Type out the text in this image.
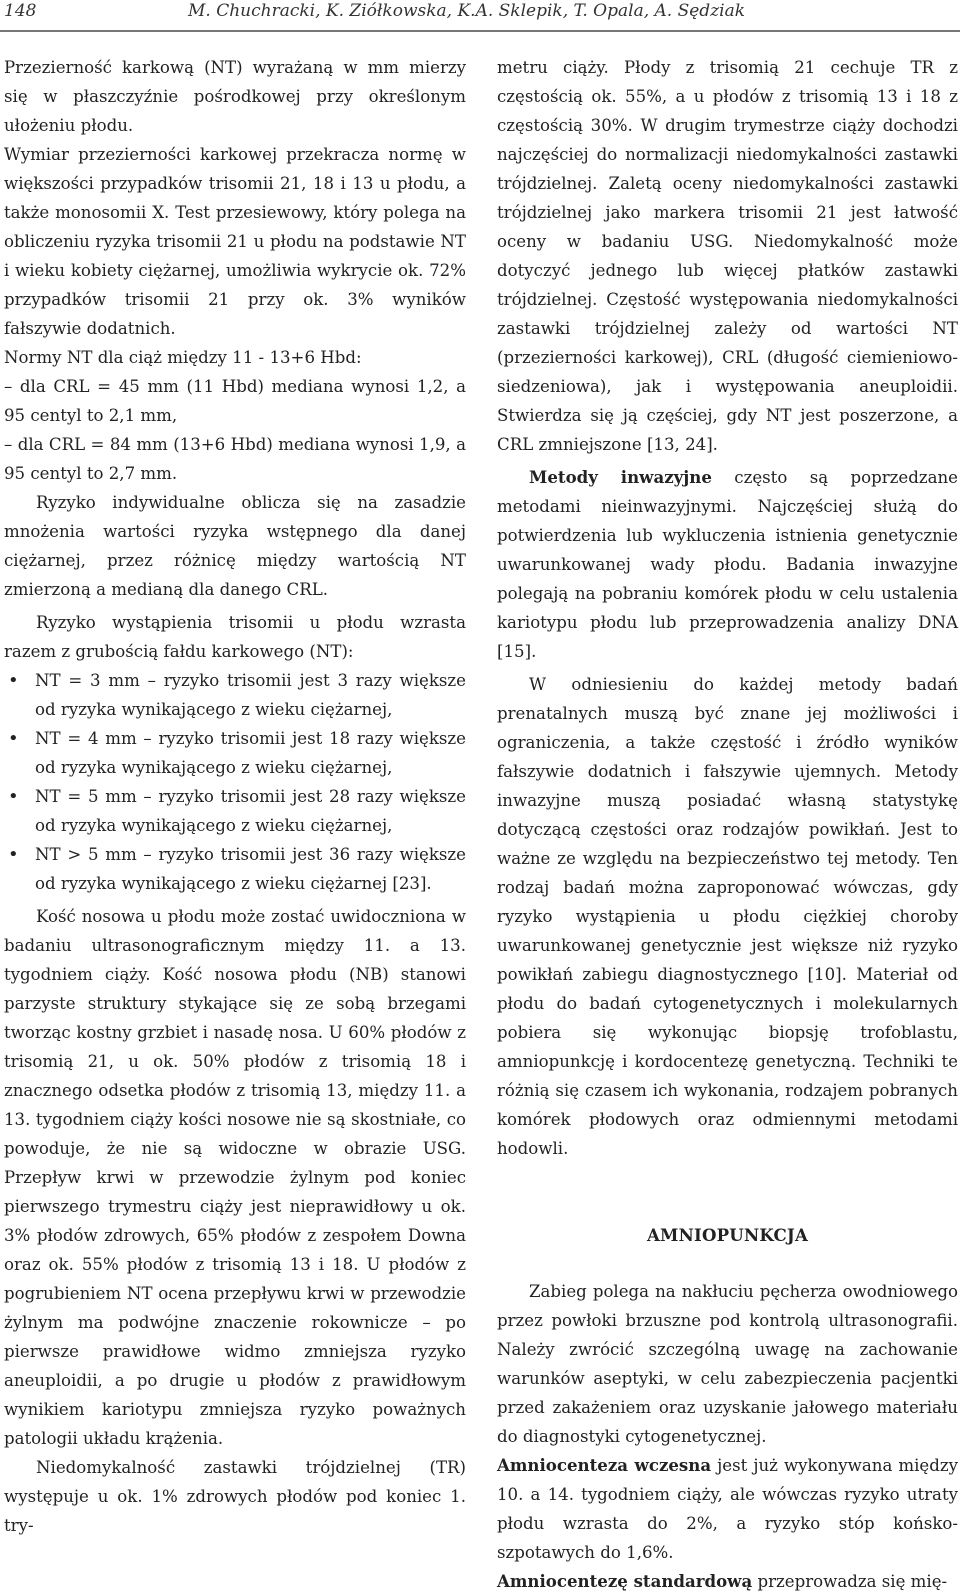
148	M. Chuchracki, K. Ziółkowska, K.A. Sklepik, T. Opala, A. Sędziak

Przezierność karkową (NT) wyrażaną w mm mierzy się w płaszczyźnie pośrodkowej przy określonym ułożeniu płodu.

Wymiar przezierności karkowej przekracza normę w większości przypadków trisomii 21, 18 i 13 u płodu, a także monosomii X. Test przesiewowy, który polega na obliczeniu ryzyka trisomii 21 u płodu na podstawie NT i wieku kobiety ciężarnej, umożliwia wykrycie ok. 72% przypadków trisomii 21 przy ok. 3% wyników fałszywie dodatnich.

Normy NT dla ciąż między 11 - 13+6 Hbd:

– dla CRL = 45 mm (11 Hbd) mediana wynosi 1,2, a 95 centyl to 2,1 mm,

– dla CRL = 84 mm (13+6 Hbd) mediana wynosi 1,9, a 95 centyl to 2,7 mm.

Ryzyko indywidualne oblicza się na zasadzie mnożenia wartości ryzyka wstępnego dla danej ciężarnej, przez różnicę między wartością NT zmierzoną a medianą dla danego CRL.

Ryzyko wystąpienia trisomii u płodu wzrasta razem z grubością fałdu karkowego (NT):

• NT = 3 mm – ryzyko trisomii jest 3 razy większe od ryzyka wynikającego z wieku ciężarnej,
• NT = 4 mm – ryzyko trisomii jest 18 razy większe od ryzyka wynikającego z wieku ciężarnej,
• NT = 5 mm – ryzyko trisomii jest 28 razy większe od ryzyka wynikającego z wieku ciężarnej,
• NT > 5 mm – ryzyko trisomii jest 36 razy większe od ryzyka wynikającego z wieku ciężarnej [23].

Kość nosowa u płodu może zostać uwidoczniona w badaniu ultrasonograficznym między 11. a 13. tygodniem ciąży. Kość nosowa płodu (NB) stanowi parzyste struktury stykające się ze sobą brzegami tworząc kostny grzbiet i nasadę nosa. U 60% płodów z trisomią 21, u ok. 50% płodów z trisomią 18 i znacznego odsetka płodów z trisomią 13, między 11. a 13. tygodniem ciąży kości nosowe nie są skostniałe, co powoduje, że nie są widoczne w obrazie USG. Przepływ krwi w przewodzie żylnym pod koniec pierwszego trymestru ciąży jest nieprawidłowy u ok. 3% płodów zdrowych, 65% płodów z zespołem Downa oraz ok. 55% płodów z trisomią 13 i 18. U płodów z pogrubieniem NT ocena przepływu krwi w przewodzie żylnym ma podwójne znaczenie rokownicze – po pierwsze prawidłowe widmo zmniejsza ryzyko aneuploidii, a po drugie u płodów z prawidłowym wynikiem kariotypu zmniejsza ryzyko poważnych patologii układu krążenia.

Niedomykalność zastawki trójdzielnej (TR) występuje u ok. 1% zdrowych płodów pod koniec 1. try-

metru ciąży. Płody z trisomią 21 cechuje TR z częstością ok. 55%, a u płodów z trisomią 13 i 18 z częstością 30%. W drugim trymestrze ciąży dochodzi najczęściej do normalizacji niedomykalności zastawki trójdzielnej. Zaletą oceny niedomykalności zastawki trójdzielnej jako markera trisomii 21 jest łatwość oceny w badaniu USG. Niedomykalność może dotyczyć jednego lub więcej płatków zastawki trójdzielnej. Częstość występowania niedomykalności zastawki trójdzielnej zależy od wartości NT (przezierności karkowej), CRL (długość ciemieniowo-siedzeniowa), jak i występowania aneuploidii. Stwierdza się ją częściej, gdy NT jest poszerzone, a CRL zmniejszone [13, 24].

Metody inwazyjne często są poprzedzane metodami nieinwazyjnymi. Najczęściej służą do potwierdzenia lub wykluczenia istnienia genetycznie uwarunkowanej wady płodu. Badania inwazyjne polegają na pobraniu komórek płodu w celu ustalenia kariotypu płodu lub przeprowadzenia analizy DNA [15].

W odniesieniu do każdej metody badań prenatalnych muszą być znane jej możliwości i ograniczenia, a także częstość i źródło wyników fałszywie dodatnich i fałszywie ujemnych. Metody inwazyjne muszą posiadać własną statystykę dotyczącą częstości oraz rodzajów powikłań. Jest to ważne ze względu na bezpieczeństwo tej metody. Ten rodzaj badań można zaproponować wówczas, gdy ryzyko wystąpienia u płodu ciężkiej choroby uwarunkowanej genetycznie jest większe niż ryzyko powikłań zabiegu diagnostycznego [10]. Materiał od płodu do badań cytogenetycznych i molekularnych pobiera się wykonując biopsję trofoblastu, amniopunkcję i kordocentezę genetyczną. Techniki te różnią się czasem ich wykonania, rodzajem pobranych komórek płodowych oraz odmiennymi metodami hodowli.

AMNIOPUNKCJA

Zabieg polega na nakłuciu pęcherza owodniowego przez powłoki brzuszne pod kontrolą ultrasonografii. Należy zwrócić szczególną uwagę na zachowanie warunków aseptyki, w celu zabezpieczenia pacjentki przed zakażeniem oraz uzyskanie jałowego materiału do diagnostyki cytogenetycznej.

Amniocenteza wczesna jest już wykonywana między 10. a 14. tygodniem ciąży, ale wówczas ryzyko utraty płodu wzrasta do 2%, a ryzyko stóp końsko-szpotawych do 1,6%.

Amniocentezę standardową przeprowadza się mię-
